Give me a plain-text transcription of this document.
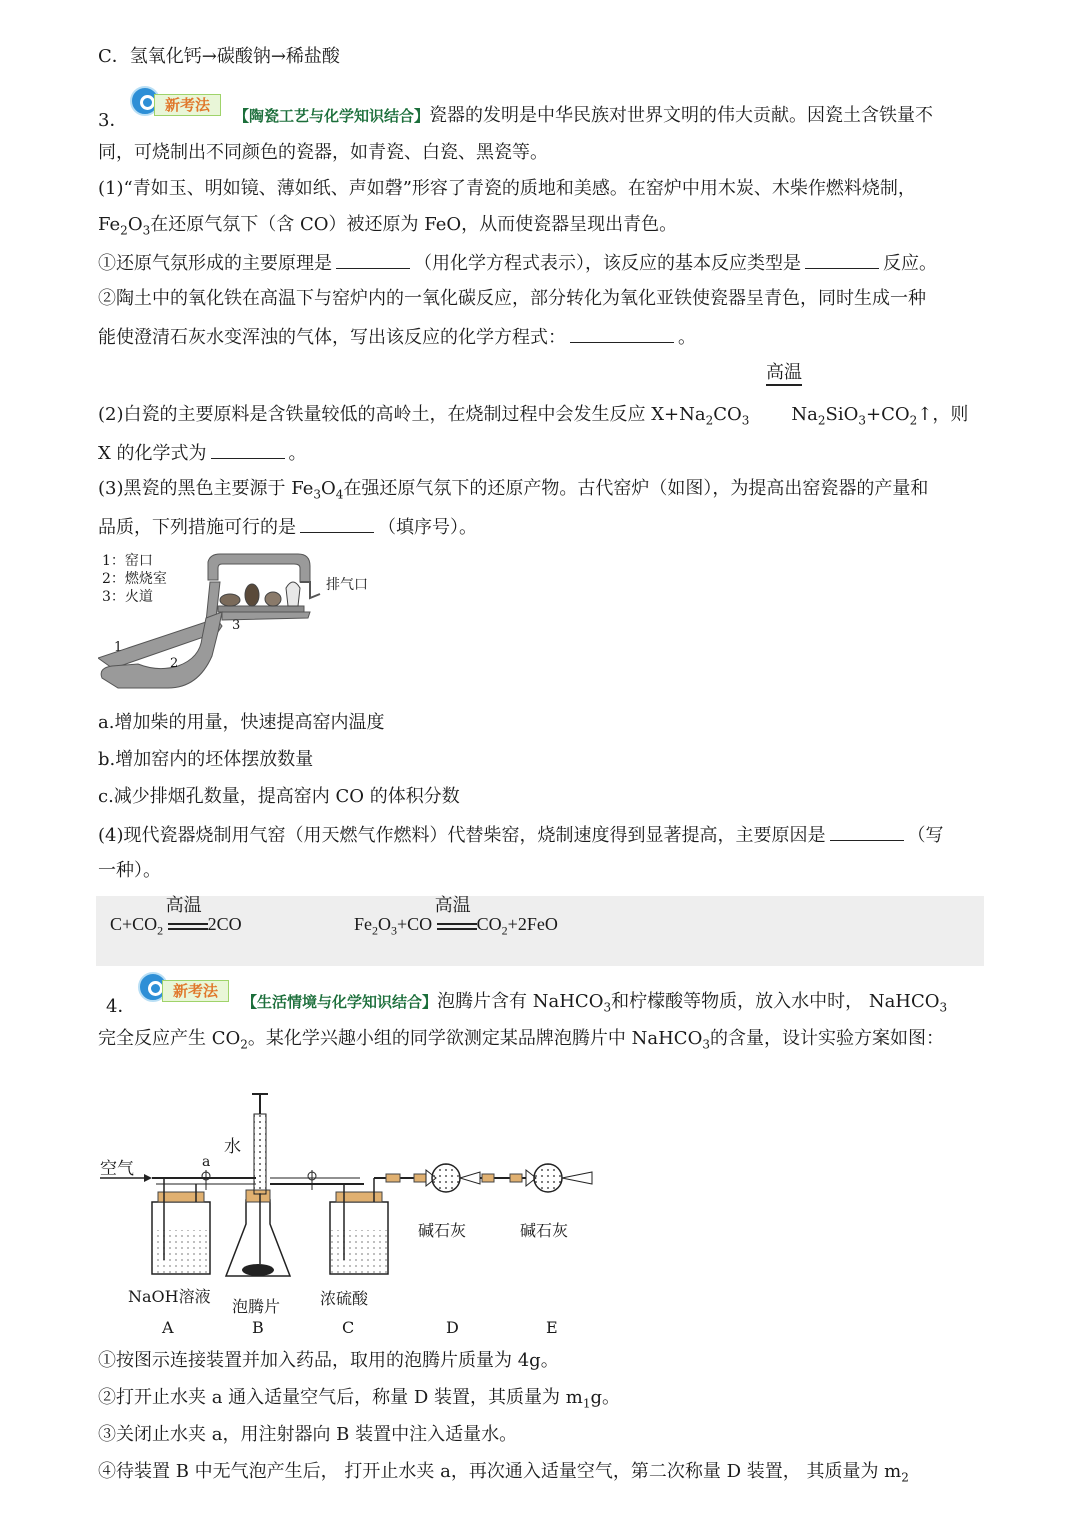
C．氢氧化钙→碳酸钠→稀盐酸
3．
新考法
【陶瓷工艺与化学知识结合】瓷器的发明是中华民族对世界文明的伟大贡献。因瓷土含铁量不
同，可烧制出不同颜色的瓷器，如青瓷、白瓷、黑瓷等。
(1)“青如玉、明如镜、薄如纸、声如磬”形容了青瓷的质地和美感。在窑炉中用木炭、木柴作燃料烧制，
$Fe_2O_3$在还原气氛下（含 CO）被还原为 FeO，从而使瓷器呈现出青色。
①还原气氛形成的主要原理是	（用化学方程式表示），该反应的基本反应类型是	反应。
②陶土中的氧化铁在高温下与窑炉内的一氧化碳反应，部分转化为氧化亚铁使瓷器呈青色，同时生成一种
能使澄清石灰水变浑浊的气体，写出该反应的化学方程式：	。
高温
(2)白瓷的主要原料是含铁量较低的高岭土，在烧制过程中会发生反应 $X+Na_2CO_3$ $Na_2SiO_3+CO_2↑$，则
X 的化学式为	。
(3)黑瓷的黑色主要源于 $Fe_3O_4$在强还原气氛下的还原产物。古代窑炉（如图），为提高出窑瓷器的产量和
品质，下列措施可行的是	（填序号）。
1：窑口
2：燃烧室
3：火道
排气口
1
2
3
a.增加柴的用量，快速提高窑内温度
b.增加窑内的坯体摆放数量
c.减少排烟孔数量，提高窑内 CO 的体积分数
(4)现代瓷器烧制用气窑（用天燃气作燃料）代替柴窑，烧制速度得到显著提高，主要原因是	（写
一种）。
$C+CO_2$
高温
2CO	$Fe_2O_3+CO$
高温
$CO_2+2FeO$
4．
新考法
【生活情境与化学知识结合】泡腾片含有 NaHCO$_3$和柠檬酸等物质，放入水中时， NaHCO$_3$
完全反应产生 $CO_2$。某化学兴趣小组的同学欲测定某品牌泡腾片中 NaHCO$_3$的含量，设计实验方案如图：
空气
水
a
NaOH溶液
泡腾片 浓硫酸
碱石灰	碱石灰
A	B	C	D	E
①按图示连接装置并加入药品，取用的泡腾片质量为 4g。
②打开止水夹 a 通入适量空气后，称量 D 装置，其质量为 $m_1g$。
③关闭止水夹 a，用注射器向 B 装置中注入适量水。
④待装置 B 中无气泡产生后， 打开止水夹 a，再次通入适量空气，第二次称量 D 装置， 其质量为 $m_2$
